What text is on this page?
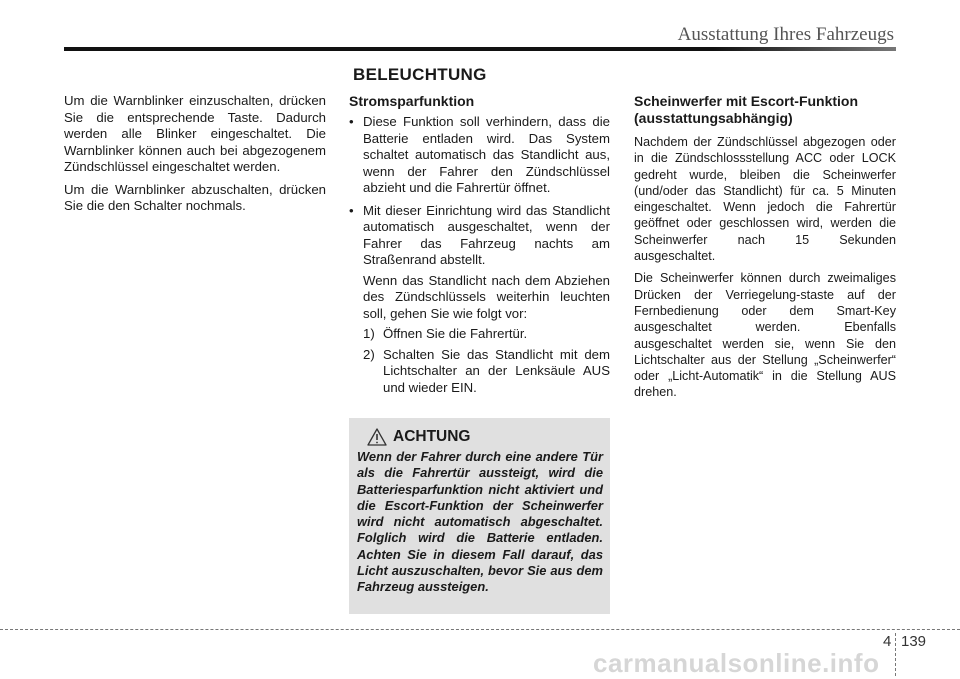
Ausstattung Ihres Fahrzeugs
BELEUCHTUNG

Um die Warnblinker einzuschalten, drücken Sie die entsprechende Taste. Dadurch werden alle Blinker eingeschaltet. Die Warnblinker können auch bei abgezogenem Zündschlüssel eingeschaltet werden.

Um die Warnblinker abzuschalten, drücken Sie die den Schalter nochmals.

Stromsparfunktion
• Diese Funktion soll verhindern, dass die Batterie entladen wird. Das System schaltet automatisch das Standlicht aus, wenn der Fahrer den Zündschlüssel abzieht und die Fahrertür öffnet.
• Mit dieser Einrichtung wird das Standlicht automatisch ausgeschaltet, wenn der Fahrer das Fahrzeug nachts am Straßenrand abstellt.

Wenn das Standlicht nach dem Abziehen des Zündschlüssels weiterhin leuchten soll, gehen Sie wie folgt vor:

1) Öffnen Sie die Fahrertür.
2) Schalten Sie das Standlicht mit dem Lichtschalter an der Lenksäule AUS und wieder EIN.
ACHTUNG
Wenn der Fahrer durch eine andere Tür als die Fahrertür aussteigt, wird die Batteriesparfunktion nicht aktiviert und die Escort-Funktion der Scheinwerfer wird nicht automatisch abgeschaltet. Folglich wird die Batterie entladen. Achten Sie in diesem Fall darauf, das Licht auszuschalten, bevor Sie aus dem Fahrzeug aussteigen.
Scheinwerfer mit Escort-Funktion (ausstattungsabhängig)

Nachdem der Zündschlüssel abgezogen oder in die Zündschlossstellung ACC oder LOCK gedreht wurde, bleiben die Scheinwerfer (und/oder das Standlicht) für ca. 5 Minuten eingeschaltet. Wenn jedoch die Fahrertür geöffnet oder geschlossen wird, werden die Scheinwerfer nach 15 Sekunden ausgeschaltet.

Die Scheinwerfer können durch zweimaliges Drücken der Verriegelung-staste auf der Fernbedienung oder dem Smart-Key ausgeschaltet werden. Ebenfalls ausgeschaltet werden sie, wenn Sie den Lichtschalter aus der Stellung „Scheinwerfer“ oder „Licht-Automatik“ in die Stellung AUS drehen.

4 139
carmanualsonline.info
